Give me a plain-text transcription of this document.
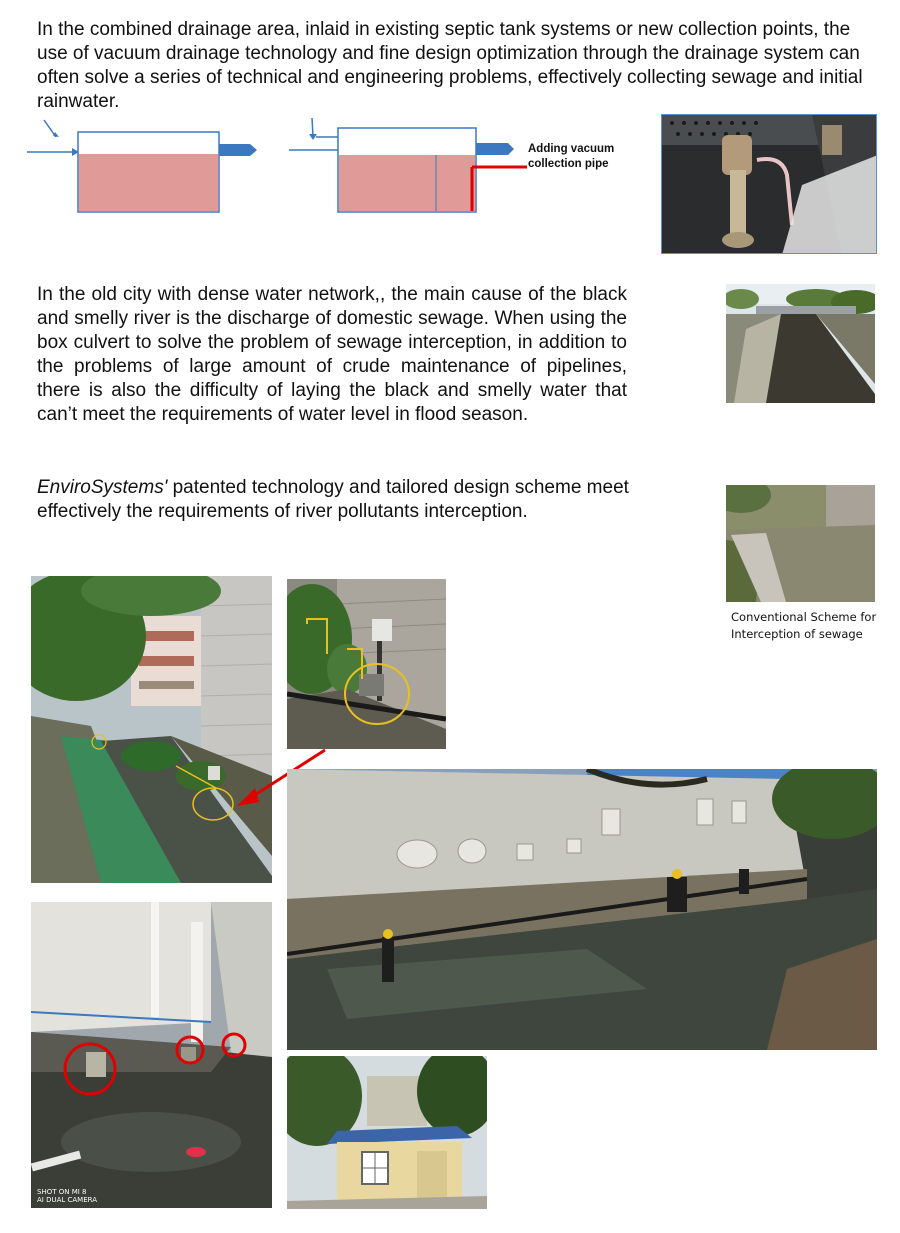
In the combined drainage area, inlaid in existing septic tank systems or new collection points, the use of vacuum drainage technology and fine design optimization through the drainage system can often solve a series of technical and engineering problems, effectively collecting sewage and initial rainwater.
Adding vacuum
collection pipe
In the old city with dense water network,, the main cause of the black and smelly river is the discharge of domestic sewage. When using the box culvert to solve the problem of sewage interception, in addition to the problems of large amount of crude maintenance of pipelines, there is also the difficulty of laying the black and smelly water that can’t meet the requirements of water level in flood season.
EnviroSystems' patented technology and tailored design scheme meet effectively the requirements of river pollutants interception.
Conventional Scheme for
Interception of sewage
SHOT ON MI 8
AI DUAL CAMERA
